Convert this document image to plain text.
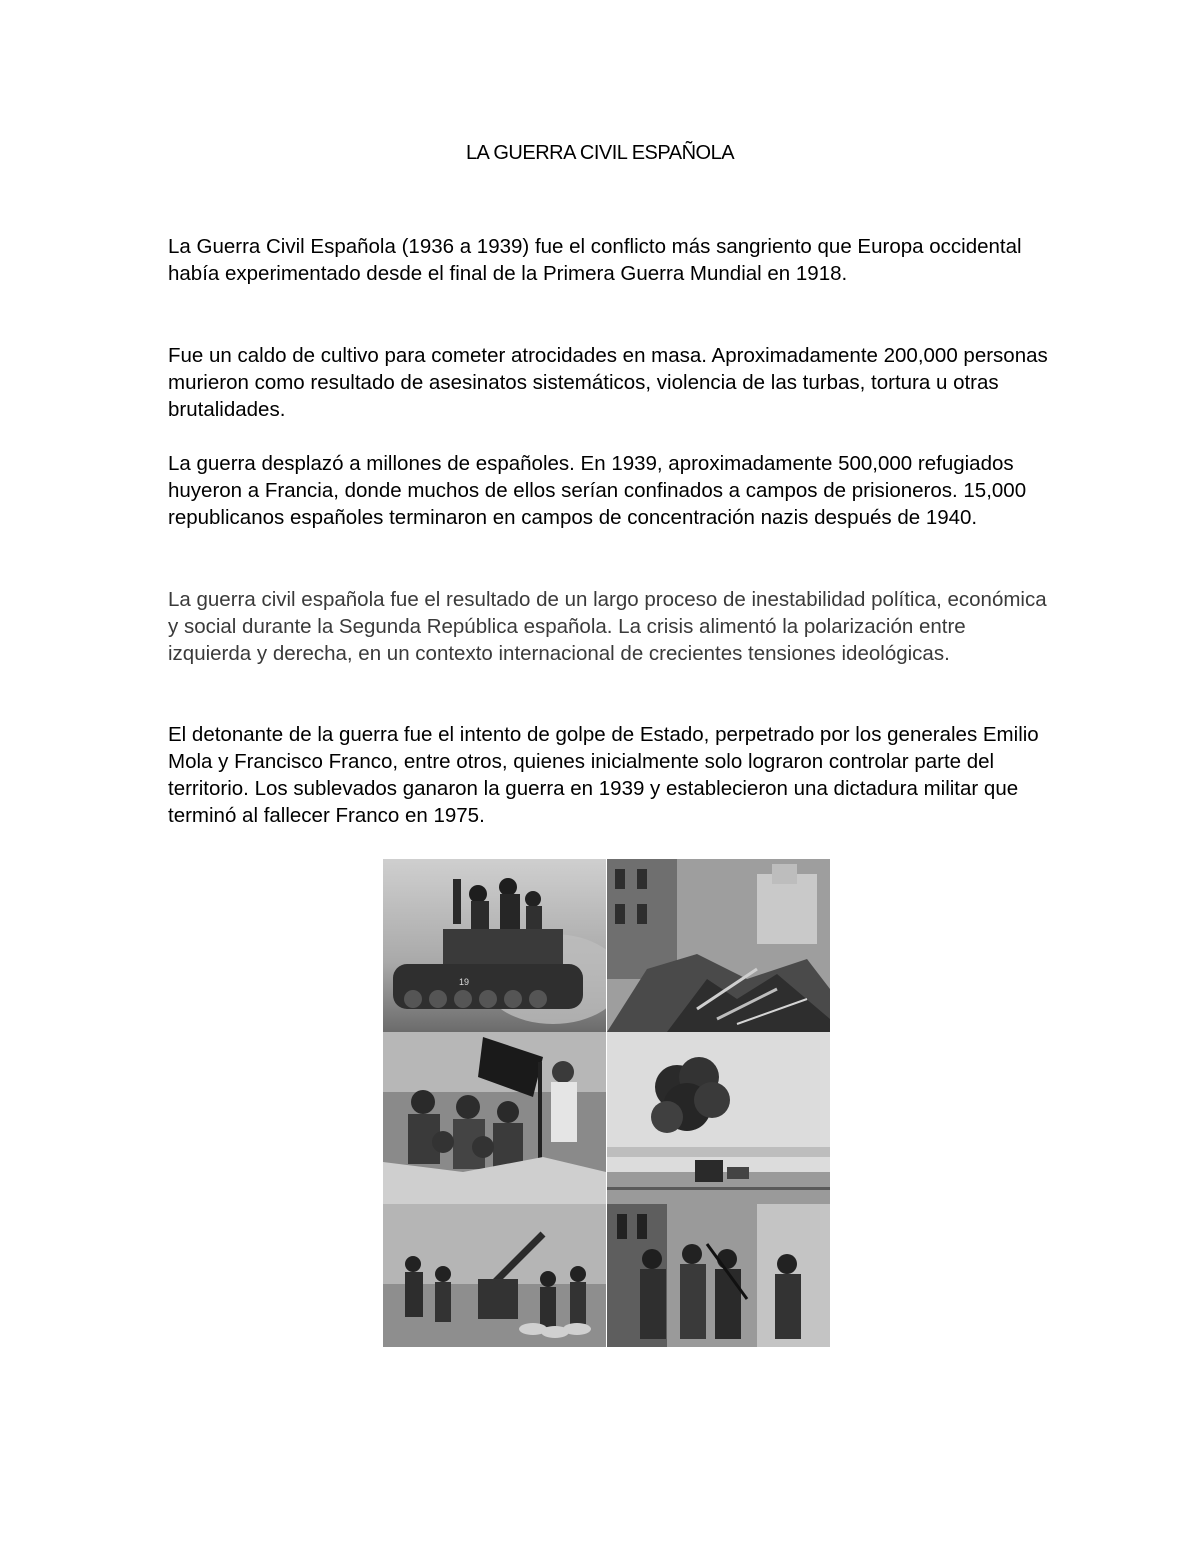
LA GUERRA CIVIL ESPAÑOLA

La Guerra Civil Española (1936 a 1939) fue el conflicto más sangriento que Europa occidental había experimentado desde el final de la Primera Guerra Mundial en 1918.

Fue un caldo de cultivo para cometer atrocidades en masa. Aproximadamente 200,000 personas murieron como resultado de asesinatos sistemáticos, violencia de las turbas, tortura u otras brutalidades.

La guerra desplazó a millones de españoles. En 1939, aproximadamente 500,000 refugiados huyeron a Francia, donde muchos de ellos serían confinados a campos de prisioneros. 15,000 republicanos españoles terminaron en campos de concentración nazis después de 1940.

La guerra civil española fue el resultado de un largo proceso de inestabilidad política, económica y social durante la Segunda República española. La crisis alimentó la polarización entre izquierda y derecha, en un contexto internacional de crecientes tensiones ideológicas.

El detonante de la guerra fue el intento de golpe de Estado, perpetrado por los generales Emilio Mola y Francisco Franco, entre otros, quienes inicialmente solo lograron controlar parte del territorio. Los sublevados ganaron la guerra en 1939 y establecieron una dictadura militar que terminó al fallecer Franco en 1975.

19
